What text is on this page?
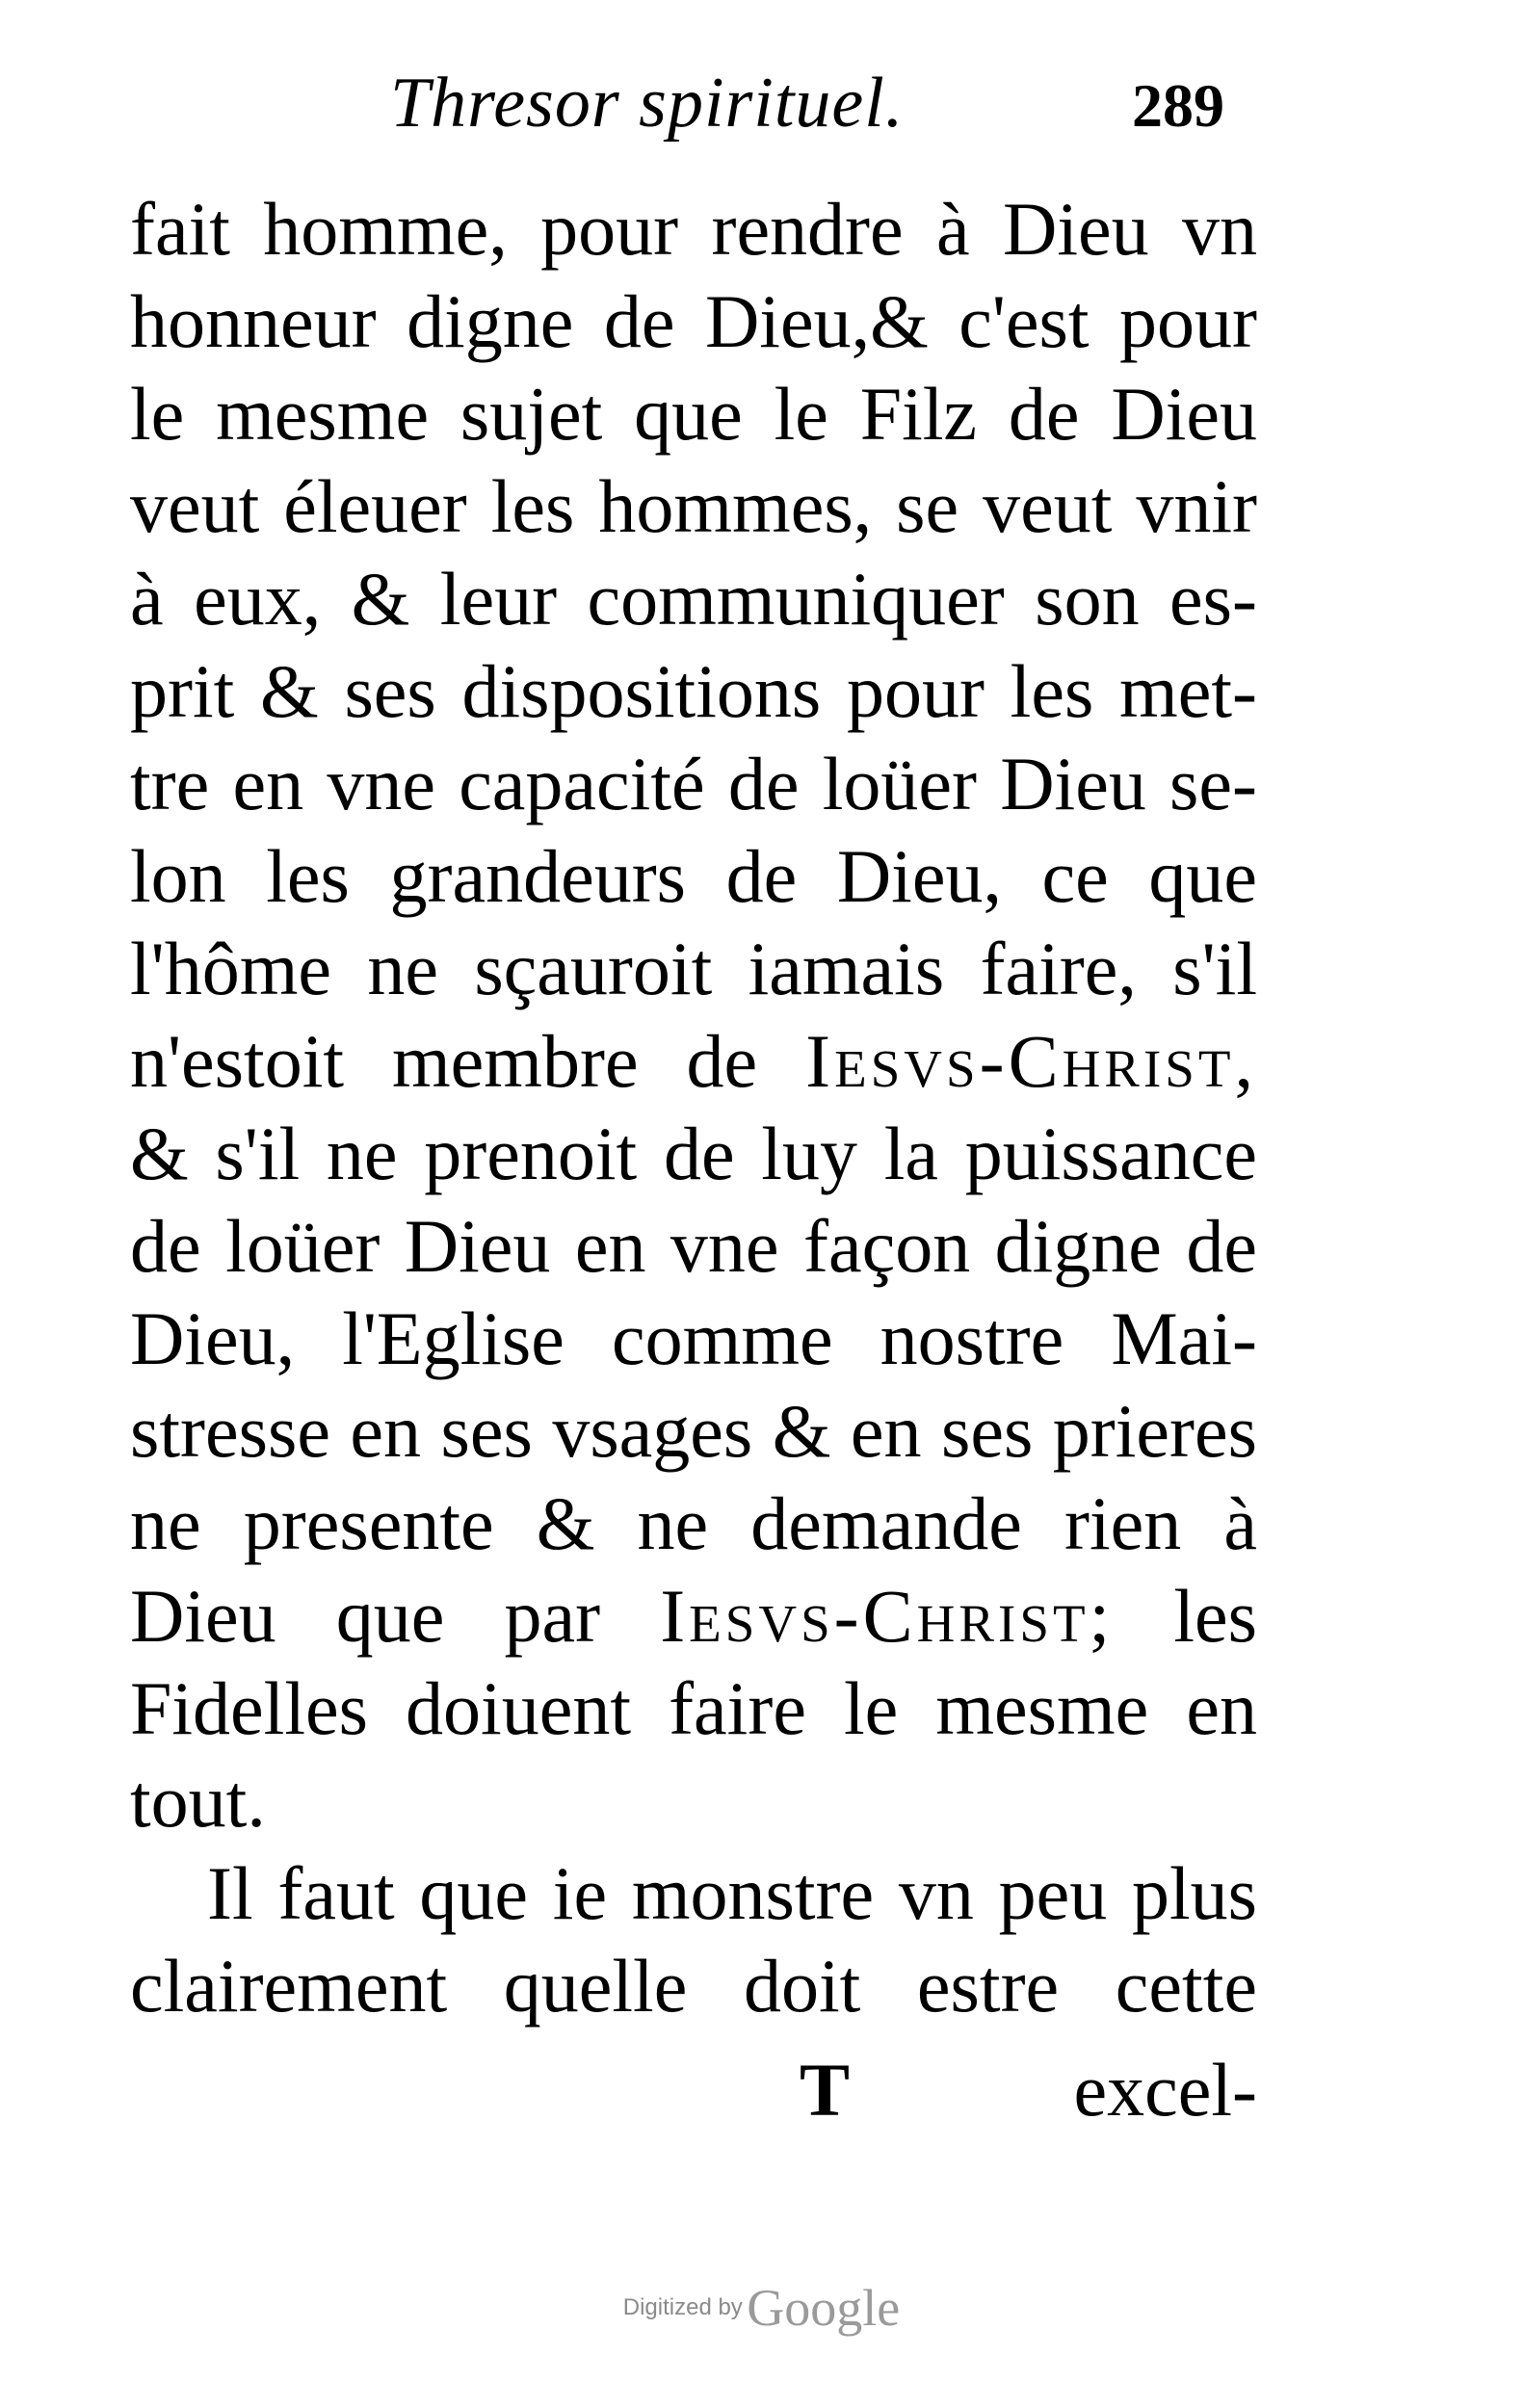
Thresor spirituel.	289
fait homme, pour rendre à Dieu vn
honneur digne de Dieu,& c'est pour
le mesme sujet que le Filz de Dieu
veut éleuer les hommes, se veut vnir
à eux, & leur communiquer son es-
prit & ses dispositions pour les met-
tre en vne capacité de loüer Dieu se-
lon les grandeurs de Dieu, ce que
l'hôme ne sçauroit iamais faire, s'il
n'estoit membre de Iesvs-Christ,
& s'il ne prenoit de luy la puissance
de loüer Dieu en vne façon digne de
Dieu, l'Eglise comme nostre Mai-
stresse en ses vsages & en ses prieres
ne presente & ne demande rien à
Dieu que par Iesvs-Christ; les
Fidelles doiuent faire le mesme en
tout.
Il faut que ie monstre vn peu plus
clairement quelle doit estre cette
T	excel-
Digitized by Google
